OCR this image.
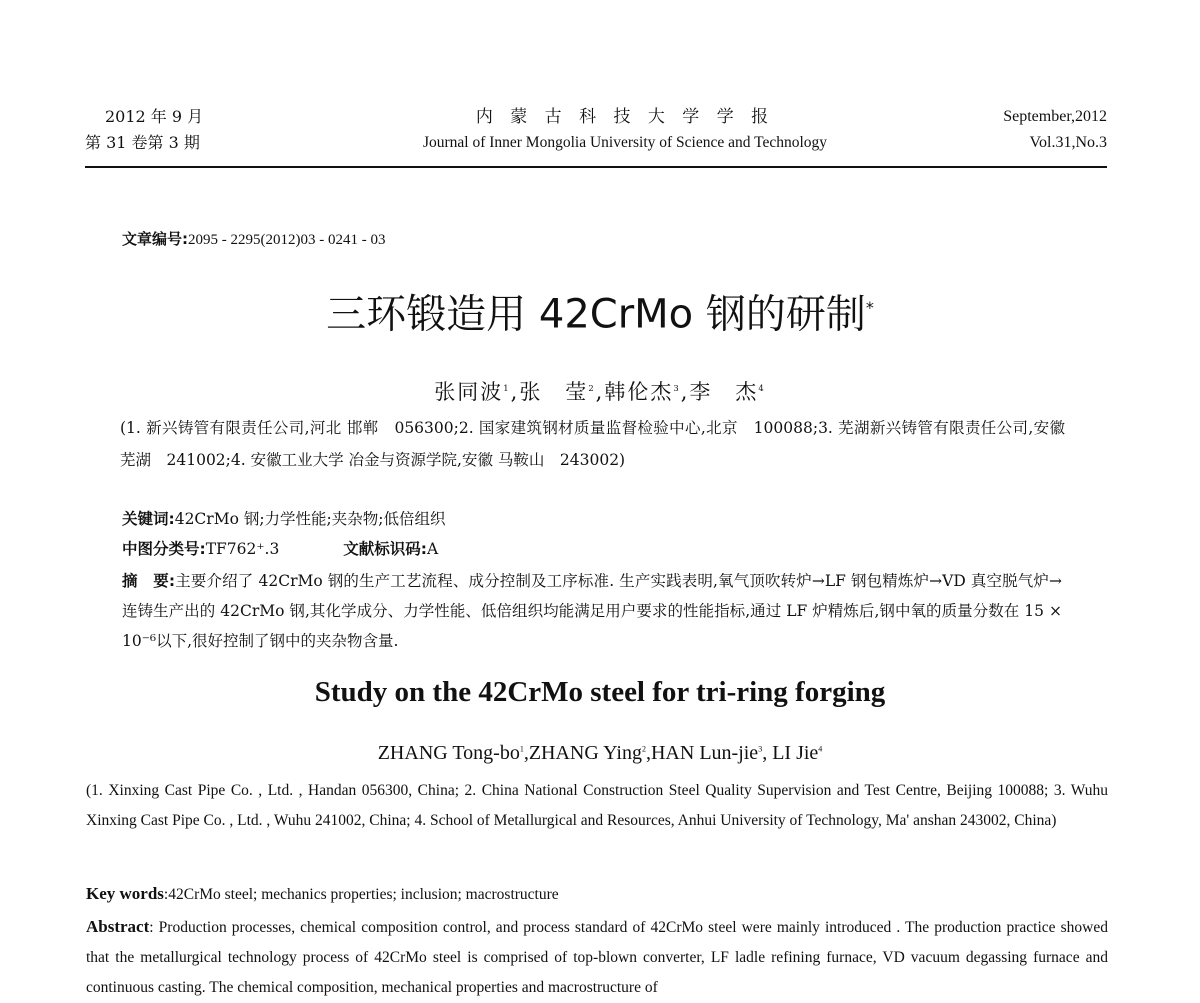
2012 年 9 月
第 31 卷第 3 期
内 蒙 古 科 技 大 学 学 报
Journal of Inner Mongolia University of Science and Technology
September,2012
Vol.31,No.3
文章编号:2095 - 2295(2012)03 - 0241 - 03
三环锻造用 42CrMo 钢的研制*
张同波$^1$,张　莹$^2$,韩伦杰$^3$,李　杰$^4$
(1. 新兴铸管有限责任公司,河北 邯郸　056300;2. 国家建筑钢材质量监督检验中心,北京　100088;3. 芜湖新兴铸管有限责任公司,安徽 芜湖　241002;4. 安徽工业大学 冶金与资源学院,安徽 马鞍山　243002)
关键词:42CrMo 钢;力学性能;夹杂物;低倍组织
中图分类号:TF762⁺.3	文献标识码:A
摘　要:主要介绍了 42CrMo 钢的生产工艺流程、成分控制及工序标准. 生产实践表明,氧气顶吹转炉→LF 钢包精炼炉→VD 真空脱气炉→连铸生产出的 42CrMo 钢,其化学成分、力学性能、低倍组织均能满足用户要求的性能指标,通过 LF 炉精炼后,钢中氧的质量分数在 15 × 10⁻⁶以下,很好控制了钢中的夹杂物含量.
Study on the 42CrMo steel for tri-ring forging
ZHANG Tong-$bo^1,ZHANG$ Ying$^2$,HAN Lun-jie$^3$, LI Jie$^4$
(1. Xinxing Cast Pipe Co. , Ltd. , Handan 056300, China; 2. China National Construction Steel Quality Supervision and Test Centre, Beijing 100088; 3. Wuhu Xinxing Cast Pipe Co. , Ltd. , Wuhu 241002, China; 4. School of Metallurgical and Resources, Anhui University of Technology, Ma' anshan 243002, China)
Key words:42CrMo steel; mechanics properties; inclusion; macrostructure
Abstract: Production processes, chemical composition control, and process standard of 42CrMo steel were mainly introduced . The production practice showed that the metallurgical technology process of 42CrMo steel is comprised of top-blown converter, LF ladle refining furnace, VD vacuum degassing furnace and continuous casting. The chemical composition, mechanical properties and macrostructure of
